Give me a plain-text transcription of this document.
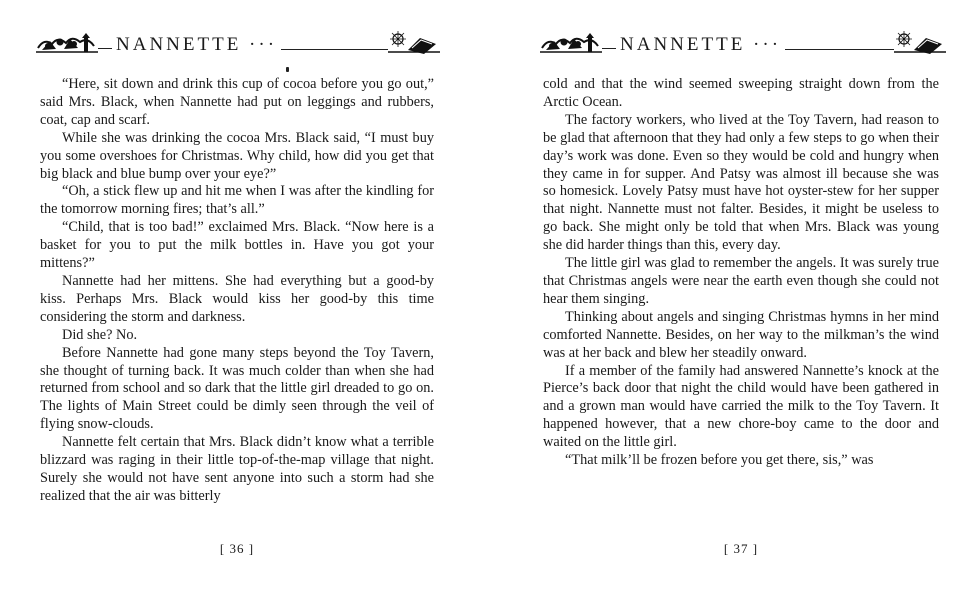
NANNETTE ···

“Here, sit down and drink this cup of cocoa before you go out,” said Mrs. Black, when Nannette had put on leggings and rubbers, coat, cap and scarf.

While she was drinking the cocoa Mrs. Black said, “I must buy you some overshoes for Christmas. Why child, how did you get that big black and blue bump over your eye?”

“Oh, a stick flew up and hit me when I was after the kindling for the tomorrow morning fires; that’s all.”

“Child, that is too bad!” exclaimed Mrs. Black. “Now here is a basket for you to put the milk bottles in. Have you got your mittens?”

Nannette had her mittens. She had everything but a good-by kiss. Perhaps Mrs. Black would kiss her good-by this time considering the storm and darkness.

Did she? No.

Before Nannette had gone many steps beyond the Toy Tavern, she thought of turning back. It was much colder than when she had returned from school and so dark that the little girl dreaded to go on. The lights of Main Street could be dimly seen through the veil of flying snow-clouds.

Nannette felt certain that Mrs. Black didn’t know what a terrible blizzard was raging in their little top-of-the-map village that night. Surely she would not have sent anyone into such a storm had she realized that the air was bitterly

[ 36 ]
NANNETTE ···

cold and that the wind seemed sweeping straight down from the Arctic Ocean.

The factory workers, who lived at the Toy Tavern, had reason to be glad that afternoon that they had only a few steps to go when their day’s work was done. Even so they would be cold and hungry when they came in for supper. And Patsy was almost ill because she was so homesick. Lovely Patsy must have hot oyster-stew for her supper that night. Nannette must not falter. Besides, it might be useless to go back. She might only be told that when Mrs. Black was young she did harder things than this, every day.

The little girl was glad to remember the angels. It was surely true that Christmas angels were near the earth even though she could not hear them singing.

Thinking about angels and singing Christmas hymns in her mind comforted Nannette. Besides, on her way to the milkman’s the wind was at her back and blew her steadily onward.

If a member of the family had answered Nannette’s knock at the Pierce’s back door that night the child would have been gathered in and a grown man would have carried the milk to the Toy Tavern. It happened however, that a new chore-boy came to the door and waited on the little girl.

“That milk’ll be frozen before you get there, sis,” was

[ 37 ]
